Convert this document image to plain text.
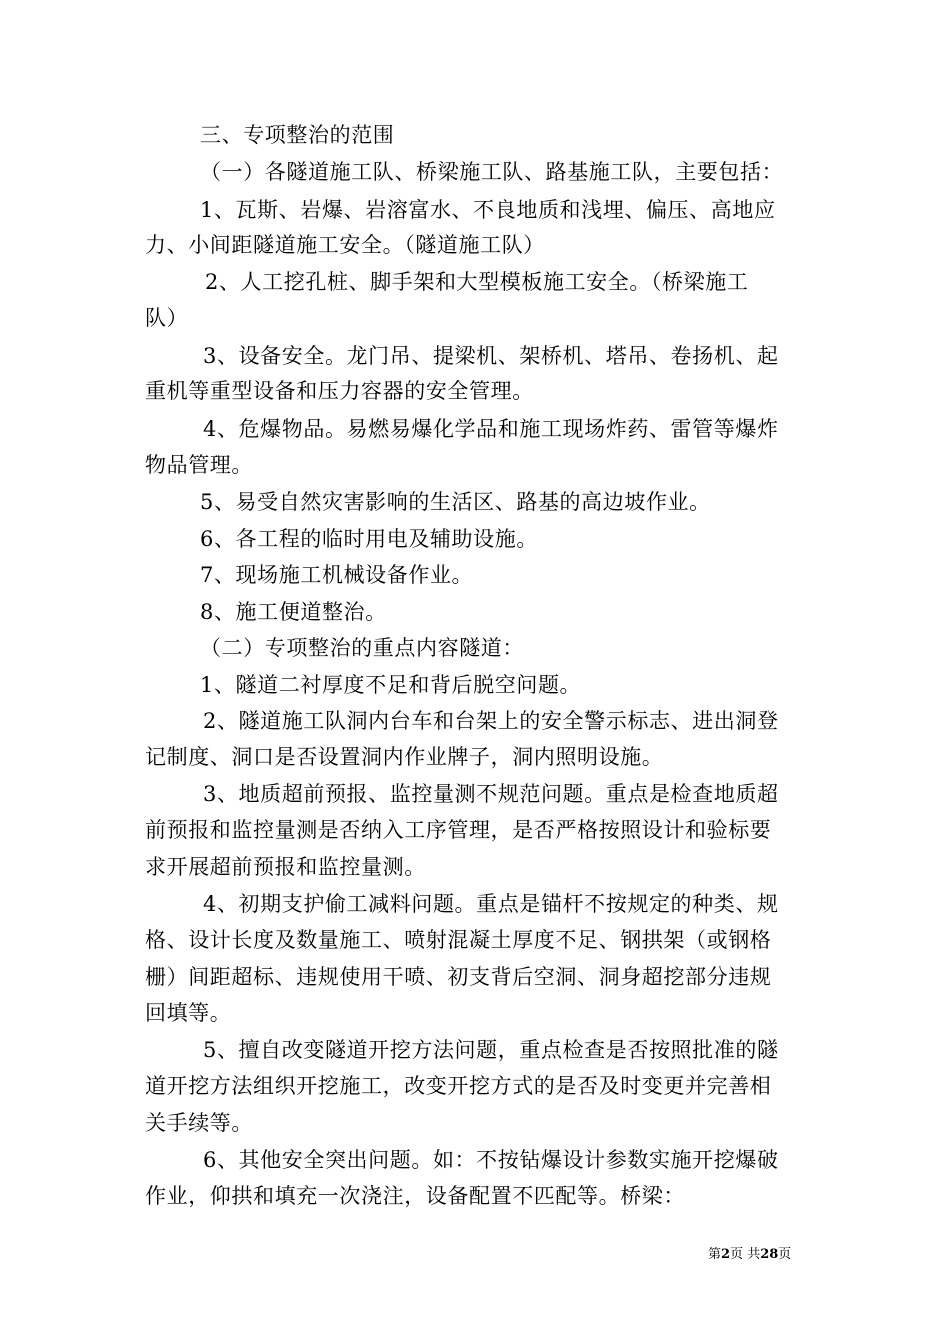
三、专项整治的范围
（一）各隧道施工队、桥梁施工队、路基施工队，主要包括：
1、瓦斯、岩爆、岩溶富水、不良地质和浅埋、偏压、高地应
力、小间距隧道施工安全。（隧道施工队）
2、人工挖孔桩、脚手架和大型模板施工安全。（桥梁施工
队）
3、设备安全。龙门吊、提梁机、架桥机、塔吊、卷扬机、起
重机等重型设备和压力容器的安全管理。
4、危爆物品。易燃易爆化学品和施工现场炸药、雷管等爆炸
物品管理。
5、易受自然灾害影响的生活区、路基的高边坡作业。
6、各工程的临时用电及辅助设施。
7、现场施工机械设备作业。
8、施工便道整治。
（二）专项整治的重点内容隧道：
1、隧道二衬厚度不足和背后脱空问题。
2、隧道施工队洞内台车和台架上的安全警示标志、进出洞登
记制度、洞口是否设置洞内作业牌子，洞内照明设施。
3、地质超前预报、监控量测不规范问题。重点是检查地质超
前预报和监控量测是否纳入工序管理，是否严格按照设计和验标要
求开展超前预报和监控量测。
4、初期支护偷工减料问题。重点是锚杆不按规定的种类、规
格、设计长度及数量施工、喷射混凝土厚度不足、钢拱架（或钢格
栅）间距超标、违规使用干喷、初支背后空洞、洞身超挖部分违规
回填等。
5、擅自改变隧道开挖方法问题，重点检查是否按照批准的隧
道开挖方法组织开挖施工，改变开挖方式的是否及时变更并完善相
关手续等。
6、其他安全突出问题。如：不按钻爆设计参数实施开挖爆破
作业，仰拱和填充一次浇注，设备配置不匹配等。桥梁：
第2页 共28页
